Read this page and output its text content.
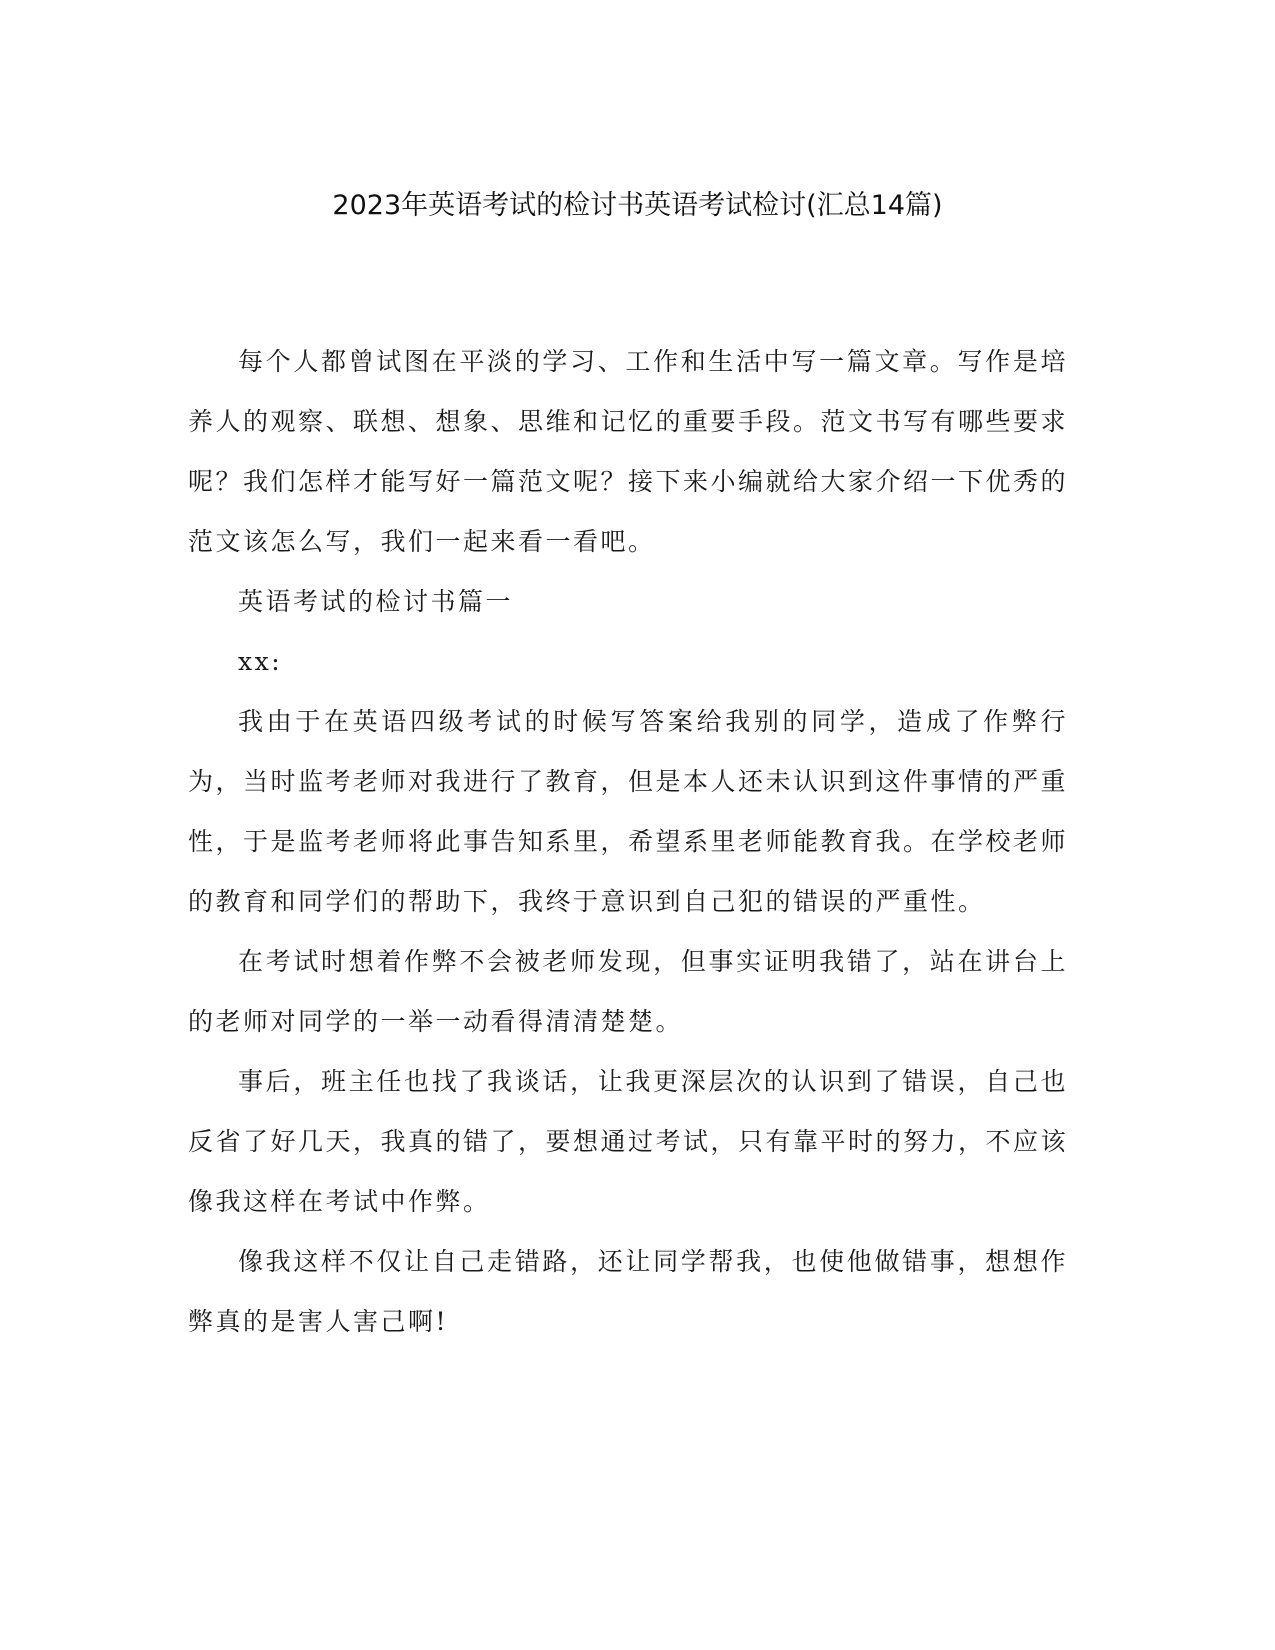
2023年英语考试的检讨书英语考试检讨(汇总14篇)

每个人都曾试图在平淡的学习、工作和生活中写一篇文章。写作是培养人的观察、联想、想象、思维和记忆的重要手段。范文书写有哪些要求呢？我们怎样才能写好一篇范文呢？接下来小编就给大家介绍一下优秀的范文该怎么写，我们一起来看一看吧。

英语考试的检讨书篇一

xx:

我由于在英语四级考试的时候写答案给我别的同学，造成了作弊行为，当时监考老师对我进行了教育，但是本人还未认识到这件事情的严重性，于是监考老师将此事告知系里，希望系里老师能教育我。在学校老师的教育和同学们的帮助下，我终于意识到自己犯的错误的严重性。

在考试时想着作弊不会被老师发现，但事实证明我错了，站在讲台上的老师对同学的一举一动看得清清楚楚。

事后，班主任也找了我谈话，让我更深层次的认识到了错误，自己也反省了好几天，我真的错了，要想通过考试，只有靠平时的努力，不应该像我这样在考试中作弊。

像我这样不仅让自己走错路，还让同学帮我，也使他做错事，想想作弊真的是害人害己啊!
